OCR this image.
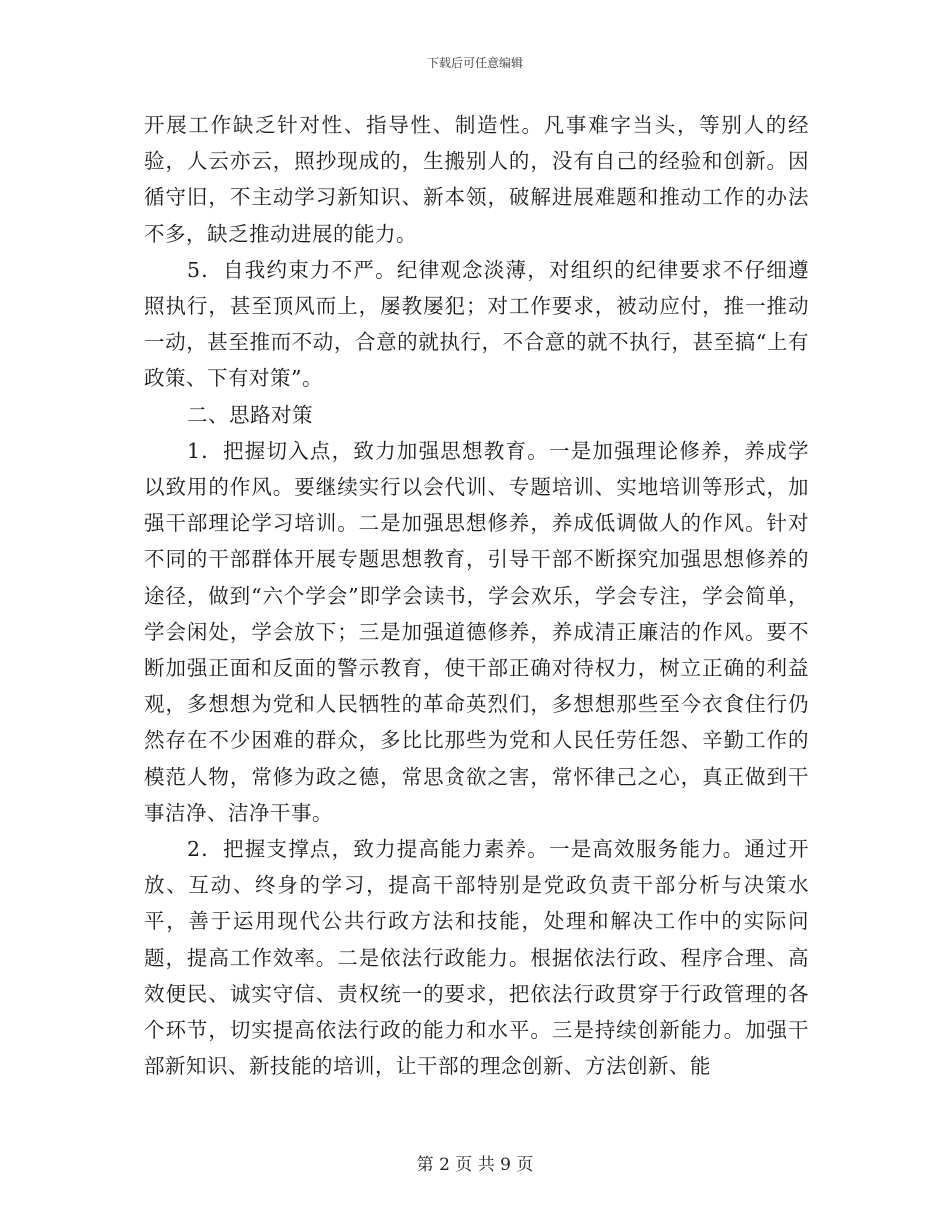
下载后可任意编辑

开展工作缺乏针对性、指导性、制造性。凡事难字当头，等别人的经验，人云亦云，照抄现成的，生搬别人的，没有自己的经验和创新。因循守旧，不主动学习新知识、新本领，破解进展难题和推动工作的办法不多，缺乏推动进展的能力。

5．自我约束力不严。纪律观念淡薄，对组织的纪律要求不仔细遵照执行，甚至顶风而上，屡教屡犯；对工作要求，被动应付，推一推动一动，甚至推而不动，合意的就执行，不合意的就不执行，甚至搞“上有政策、下有对策”。

二、思路对策

1．把握切入点，致力加强思想教育。一是加强理论修养，养成学以致用的作风。要继续实行以会代训、专题培训、实地培训等形式，加强干部理论学习培训。二是加强思想修养，养成低调做人的作风。针对不同的干部群体开展专题思想教育，引导干部不断探究加强思想修养的途径，做到“六个学会”即学会读书，学会欢乐，学会专注，学会简单，学会闲处，学会放下；三是加强道德修养，养成清正廉洁的作风。要不断加强正面和反面的警示教育，使干部正确对待权力，树立正确的利益观，多想想为党和人民牺牲的革命英烈们，多想想那些至今衣食住行仍然存在不少困难的群众，多比比那些为党和人民任劳任怨、辛勤工作的模范人物，常修为政之德，常思贪欲之害，常怀律己之心，真正做到干事洁净、洁净干事。

2．把握支撑点，致力提高能力素养。一是高效服务能力。通过开放、互动、终身的学习，提高干部特别是党政负责干部分析与决策水平，善于运用现代公共行政方法和技能，处理和解决工作中的实际问题，提高工作效率。二是依法行政能力。根据依法行政、程序合理、高效便民、诚实守信、责权统一的要求，把依法行政贯穿于行政管理的各个环节，切实提高依法行政的能力和水平。三是持续创新能力。加强干部新知识、新技能的培训，让干部的理念创新、方法创新、能

第 2 页 共 9 页
